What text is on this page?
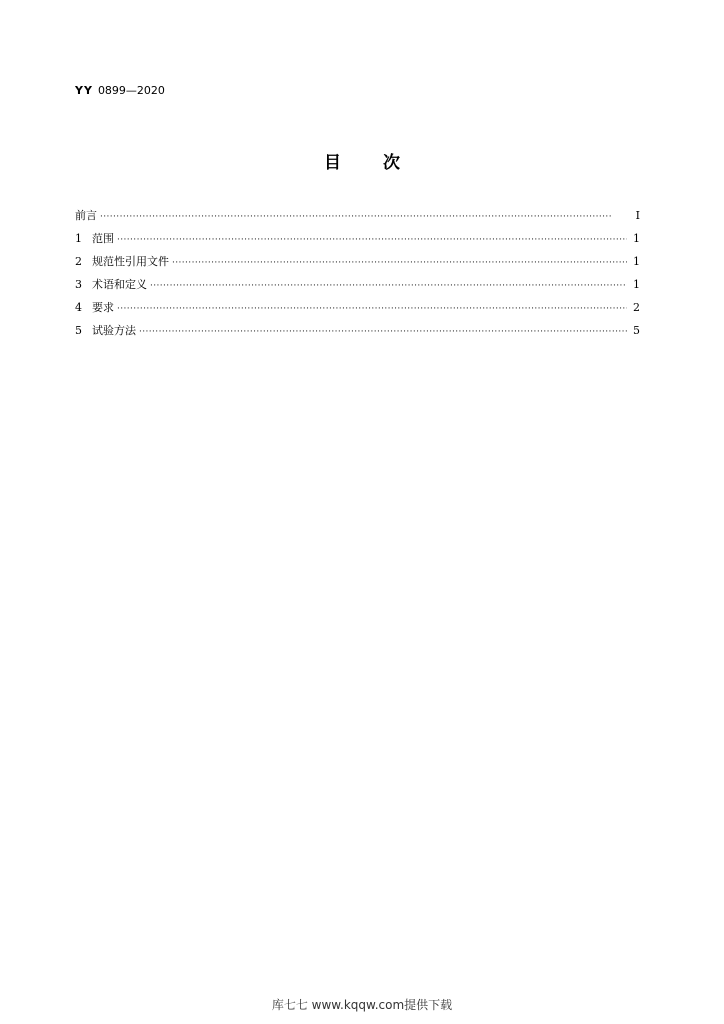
YY 0899—2020
目次
前言 ·····	Ⅰ
1 范围 ·····	1
2 规范性引用文件 ·····	1
3 术语和定义 ·····	1
4 要求 ·····	2
5 试验方法 ·····	5
库七七 www.kqqw.com提供下载
